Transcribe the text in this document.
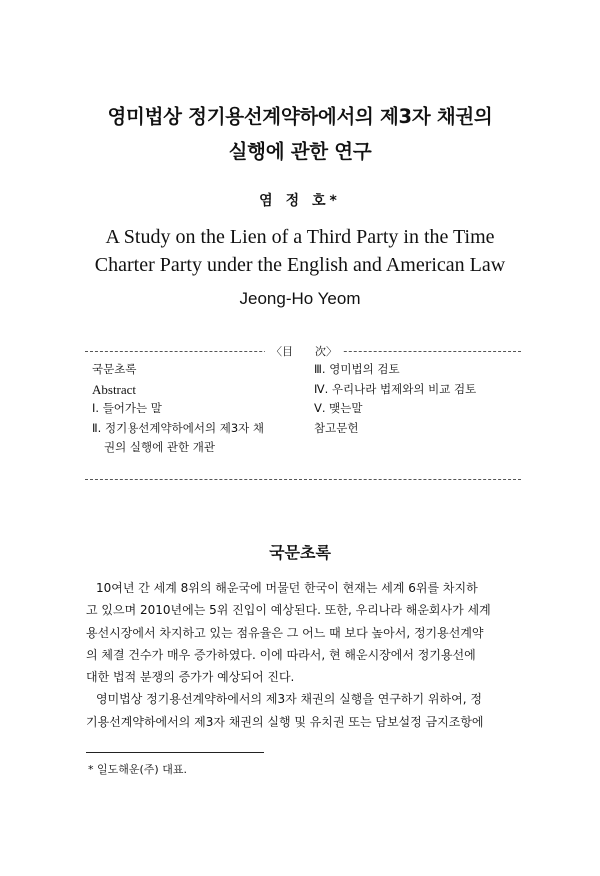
영미법상 정기용선계약하에서의 제3자 채권의
실행에 관한 연구
염 정 호*
A Study on the Lien of a Third Party in the Time
Charter Party under the English and American Law
Jeong-Ho Yeom
〈目　　次〉
국문초록
Abstract
Ⅰ. 들어가는 말
Ⅱ. 정기용선계약하에서의 제3자 채
권의 실행에 관한 개관
Ⅲ. 영미법의 검토
Ⅳ. 우리나라 법제와의 비교 검토
Ⅴ. 맺는말
참고문헌
국문초록
10여년 간 세계 8위의 해운국에 머물던 한국이 현재는 세계 6위를 차지하
고 있으며 2010년에는 5위 진입이 예상된다. 또한, 우리나라 해운회사가 세계
용선시장에서 차지하고 있는 점유율은 그 어느 때 보다 높아서, 정기용선계약
의 체결 건수가 매우 증가하였다. 이에 따라서, 현 해운시장에서 정기용선에
대한 법적 분쟁의 증가가 예상되어 진다.
영미법상 정기용선계약하에서의 제3자 채권의 실행을 연구하기 위하여, 정
기용선계약하에서의 제3자 채권의 실행 및 유치권 또는 담보설정 금지조항에
* 일도해운(주) 대표.
